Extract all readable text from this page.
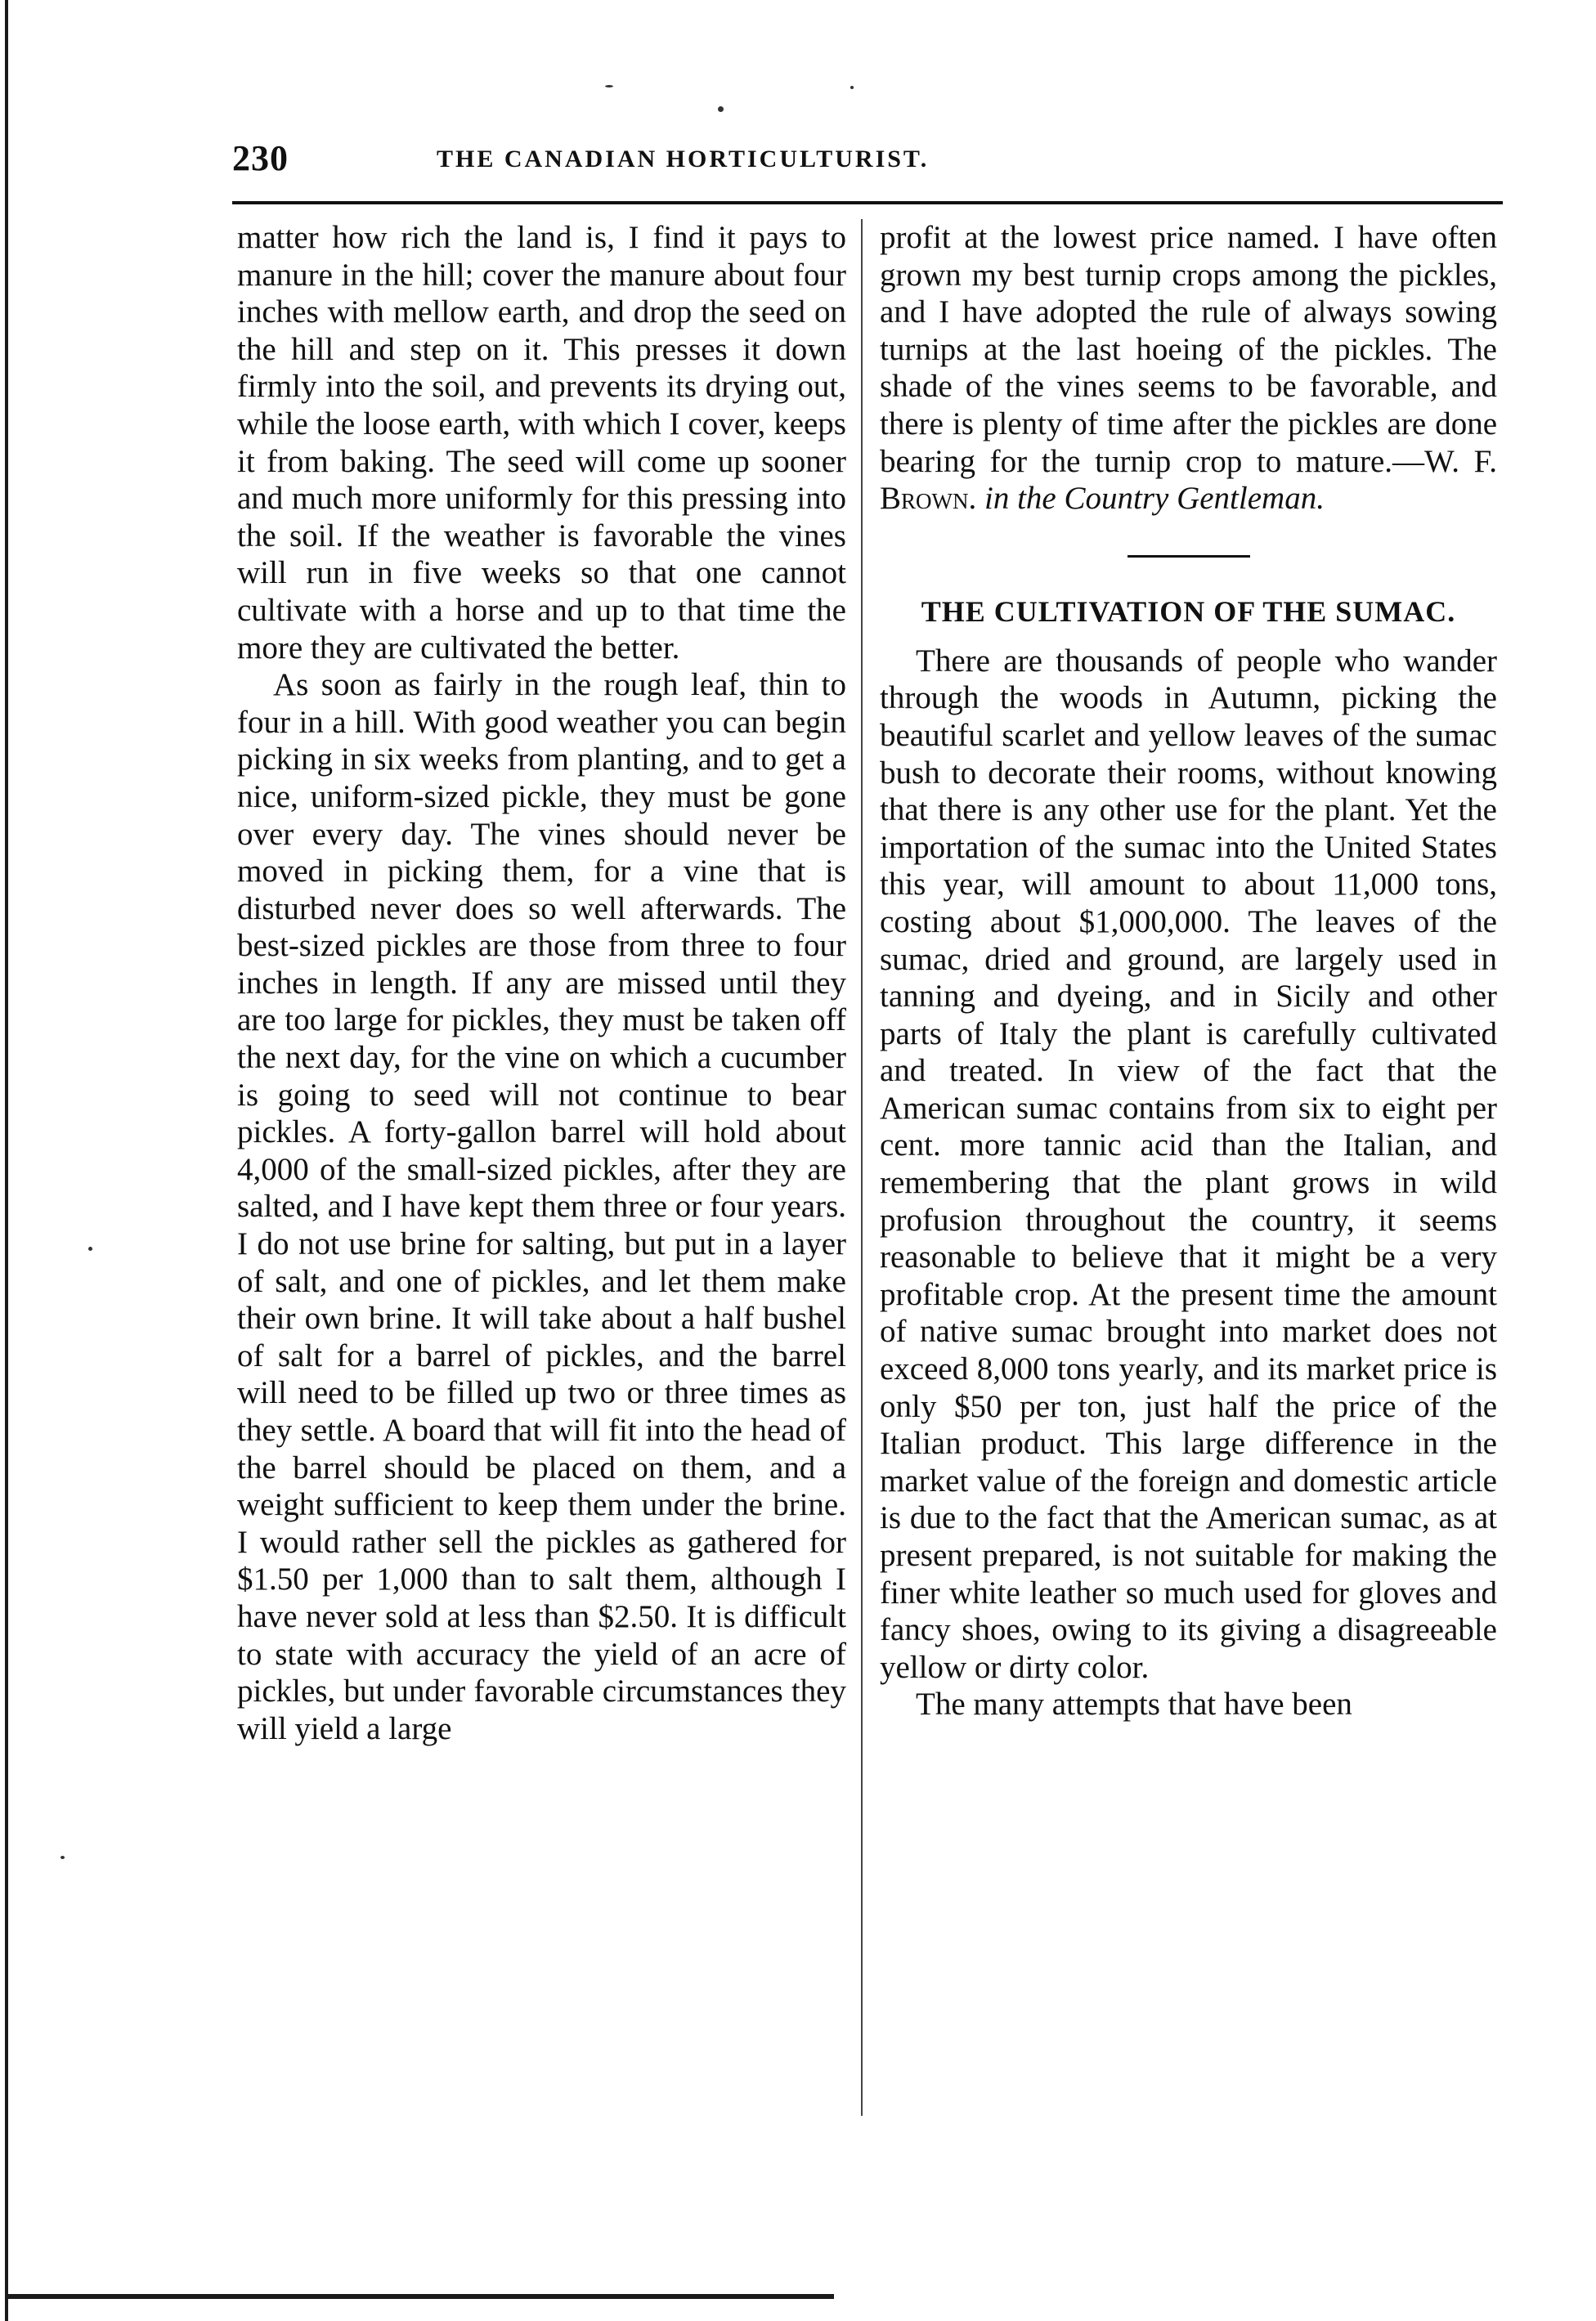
230	THE CANADIAN HORTICULTURIST.

matter how rich the land is, I find it pays to manure in the hill; cover the manure about four inches with mellow earth, and drop the seed on the hill and step on it. This presses it down firmly into the soil, and prevents its drying out, while the loose earth, with which I cover, keeps it from baking. The seed will come up sooner and much more uniformly for this pressing into the soil. If the weather is favorable the vines will run in five weeks so that one cannot cultivate with a horse and up to that time the more they are cultivated the better.

As soon as fairly in the rough leaf, thin to four in a hill. With good weather you can begin picking in six weeks from planting, and to get a nice, uniform-sized pickle, they must be gone over every day. The vines should never be moved in picking them, for a vine that is disturbed never does so well afterwards. The best-sized pickles are those from three to four inches in length. If any are missed until they are too large for pickles, they must be taken off the next day, for the vine on which a cucumber is going to seed will not continue to bear pickles. A forty-gallon barrel will hold about 4,000 of the small-sized pickles, after they are salted, and I have kept them three or four years. I do not use brine for salting, but put in a layer of salt, and one of pickles, and let them make their own brine. It will take about a half bushel of salt for a barrel of pickles, and the barrel will need to be filled up two or three times as they settle. A board that will fit into the head of the barrel should be placed on them, and a weight sufficient to keep them under the brine. I would rather sell the pickles as gathered for $1.50 per 1,000 than to salt them, although I have never sold at less than $2.50. It is difficult to state with accuracy the yield of an acre of pickles, but under favorable circumstances they will yield a large

profit at the lowest price named. I have often grown my best turnip crops among the pickles, and I have adopted the rule of always sowing turnips at the last hoeing of the pickles. The shade of the vines seems to be favorable, and there is plenty of time after the pickles are done bearing for the turnip crop to mature.—W. F. Brown. in the Country Gentleman.

THE CULTIVATION OF THE SUMAC.

There are thousands of people who wander through the woods in Autumn, picking the beautiful scarlet and yellow leaves of the sumac bush to decorate their rooms, without knowing that there is any other use for the plant. Yet the importation of the sumac into the United States this year, will amount to about 11,000 tons, costing about $1,000,000. The leaves of the sumac, dried and ground, are largely used in tanning and dyeing, and in Sicily and other parts of Italy the plant is carefully cultivated and treated. In view of the fact that the American sumac contains from six to eight per cent. more tannic acid than the Italian, and remembering that the plant grows in wild profusion throughout the country, it seems reasonable to believe that it might be a very profitable crop. At the present time the amount of native sumac brought into market does not exceed 8,000 tons yearly, and its market price is only $50 per ton, just half the price of the Italian product. This large difference in the market value of the foreign and domestic article is due to the fact that the American sumac, as at present prepared, is not suitable for making the finer white leather so much used for gloves and fancy shoes, owing to its giving a disagreeable yellow or dirty color.

The many attempts that have been
